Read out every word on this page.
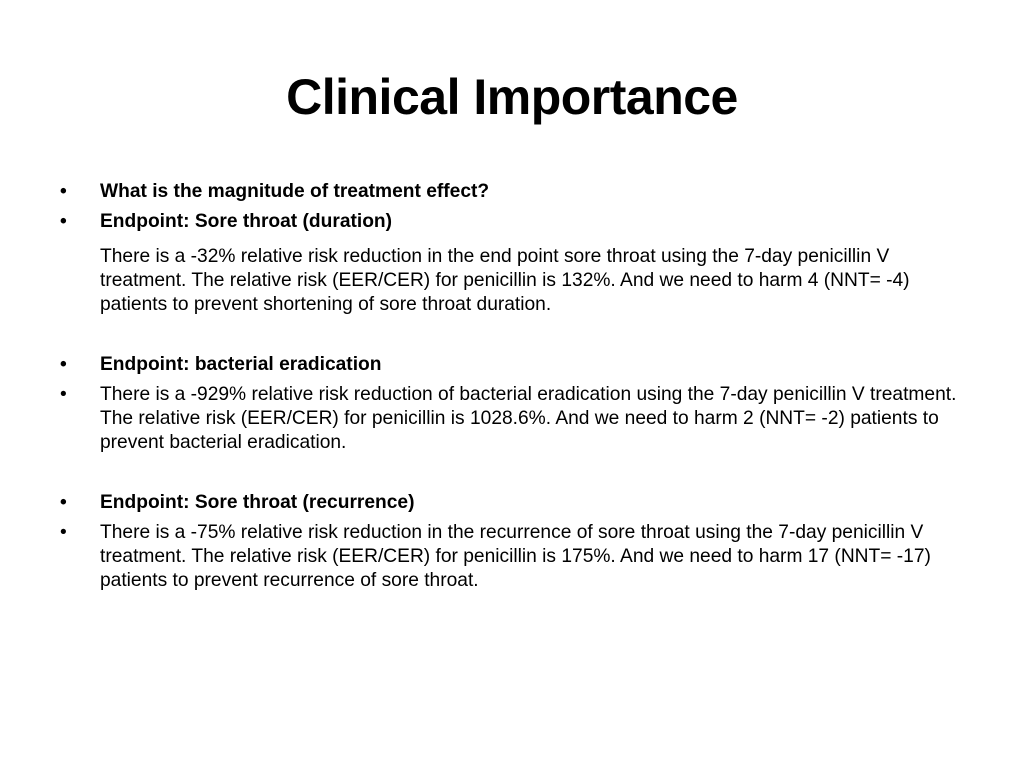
Clinical Importance
•	What is the magnitude of treatment effect?
•	Endpoint: Sore throat (duration)
There is a -32% relative risk reduction in the end point sore throat using the 7-day penicillin V treatment. The relative risk (EER/CER) for penicillin is 132%. And we need to harm 4 (NNT= -4) patients to prevent shortening of sore throat duration.
•	Endpoint: bacterial eradication
•	There is a -929% relative risk reduction of bacterial eradication using the 7-day penicillin V treatment. The relative risk (EER/CER) for penicillin is 1028.6%. And we need to harm 2 (NNT= -2) patients to prevent bacterial eradication.
•	Endpoint: Sore throat (recurrence)
•	There is a -75% relative risk reduction in the recurrence of sore throat using the 7-day penicillin V treatment. The relative risk (EER/CER) for penicillin is 175%. And we need to harm 17 (NNT= -17) patients to prevent recurrence of sore throat.
